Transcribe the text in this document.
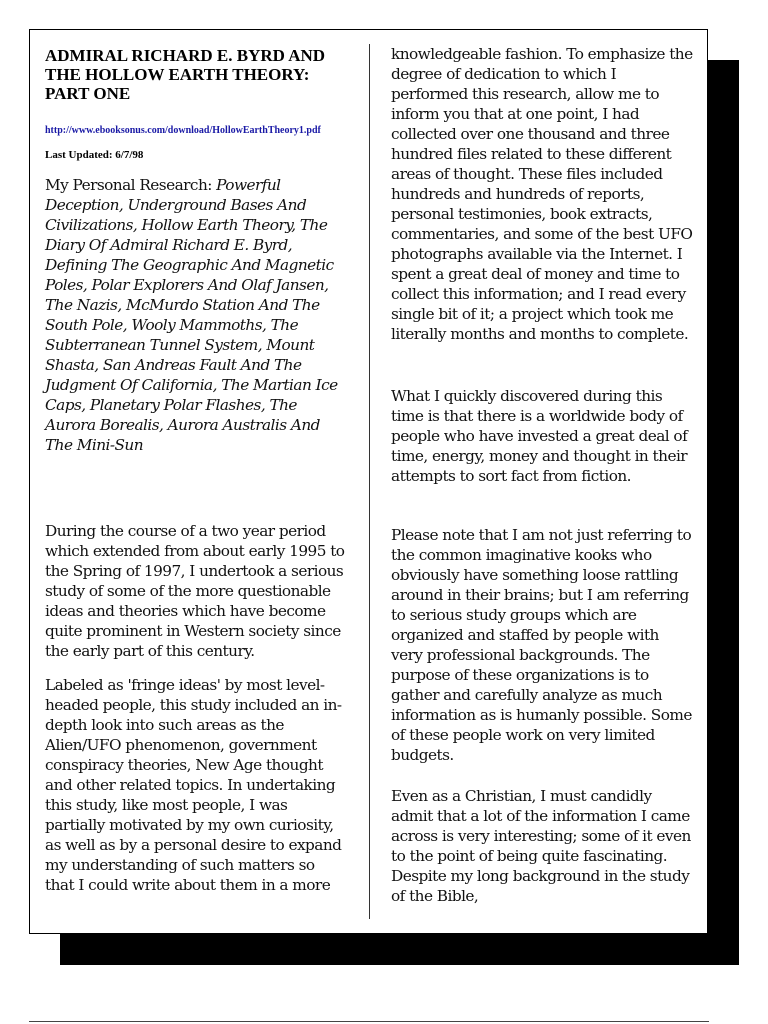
ADMIRAL RICHARD E. BYRD AND THE HOLLOW EARTH THEORY: PART ONE
http://www.ebooksonus.com/download/HollowEarthTheory1.pdf
Last Updated: 6/7/98

My Personal Research: Powerful Deception, Underground Bases And Civilizations, Hollow Earth Theory, The Diary Of Admiral Richard E. Byrd, Defining The Geographic And Magnetic Poles, Polar Explorers And Olaf Jansen, The Nazis, McMurdo Station And The South Pole, Wooly Mammoths, The Subterranean Tunnel System, Mount Shasta, San Andreas Fault And The Judgment Of California, The Martian Ice Caps, Planetary Polar Flashes, The Aurora Borealis, Aurora Australis And The Mini-Sun

During the course of a two year period which extended from about early 1995 to the Spring of 1997, I undertook a serious study of some of the more questionable ideas and theories which have become quite prominent in Western society since the early part of this century.

Labeled as 'fringe ideas' by most level-headed people, this study included an in-depth look into such areas as the Alien/UFO phenomenon, government conspiracy theories, New Age thought and other related topics. In undertaking this study, like most people, I was partially motivated by my own curiosity, as well as by a personal desire to expand my understanding of such matters so that I could write about them in a more

knowledgeable fashion. To emphasize the degree of dedication to which I performed this research, allow me to inform you that at one point, I had collected over one thousand and three hundred files related to these different areas of thought. These files included hundreds and hundreds of reports, personal testimonies, book extracts, commentaries, and some of the best UFO photographs available via the Internet. I spent a great deal of money and time to collect this information; and I read every single bit of it; a project which took me literally months and months to complete.

What I quickly discovered during this time is that there is a worldwide body of people who have invested a great deal of time, energy, money and thought in their attempts to sort fact from fiction.

Please note that I am not just referring to the common imaginative kooks who obviously have something loose rattling around in their brains; but I am referring to serious study groups which are organized and staffed by people with very professional backgrounds. The purpose of these organizations is to gather and carefully analyze as much information as is humanly possible. Some of these people work on very limited budgets.

Even as a Christian, I must candidly admit that a lot of the information I came across is very interesting; some of it even to the point of being quite fascinating. Despite my long background in the study of the Bible,
